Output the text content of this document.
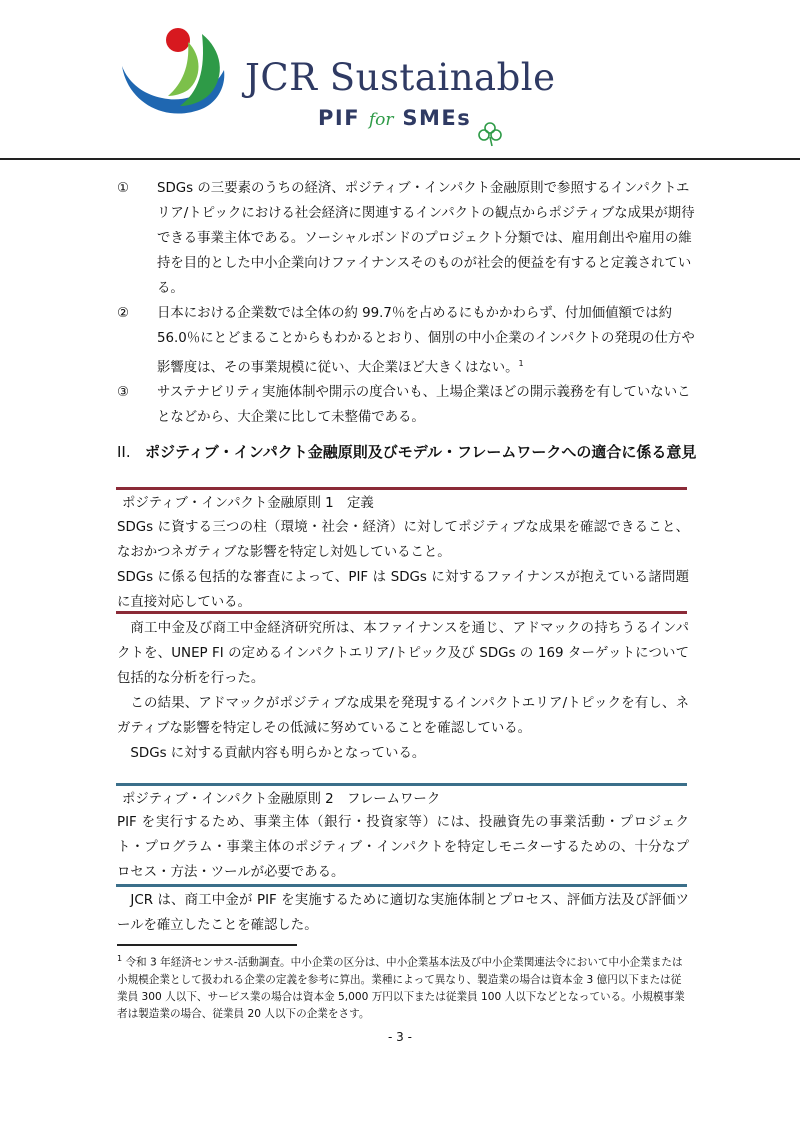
JCR Sustainable
PIF for SMEs
①	SDGs の三要素のうちの経済、ポジティブ・インパクト金融原則で参照するインパクトエリア/トピックにおける社会経済に関連するインパクトの観点からポジティブな成果が期待できる事業主体である。ソーシャルボンドのプロジェクト分類では、雇用創出や雇用の維持を目的とした中小企業向けファイナンスそのものが社会的便益を有すると定義されている。
②	日本における企業数では全体の約 99.7％を占めるにもかかわらず、付加価値額では約 56.0％にとどまることからもわかるとおり、個別の中小企業のインパクトの発現の仕方や影響度は、その事業規模に従い、大企業ほど大きくはない。$^1$
③	サステナビリティ実施体制や開示の度合いも、上場企業ほどの開示義務を有していないことなどから、大企業に比して未整備である。
II. ポジティブ・インパクト金融原則及びモデル・フレームワークへの適合に係る意見
ポジティブ・インパクト金融原則 1　定義

SDGs に資する三つの柱（環境・社会・経済）に対してポジティブな成果を確認できること、なおかつネガティブな影響を特定し対処していること。

SDGs に係る包括的な審査によって、PIF は SDGs に対するファイナンスが抱えている諸問題に直接対応している。

商工中金及び商工中金経済研究所は、本ファイナンスを通じ、アドマックの持ちうるインパクトを、UNEP FI の定めるインパクトエリア/トピック及び SDGs の 169 ターゲットについて包括的な分析を行った。

この結果、アドマックがポジティブな成果を発現するインパクトエリア/トピックを有し、ネガティブな影響を特定しその低減に努めていることを確認している。

SDGs に対する貢献内容も明らかとなっている。

ポジティブ・インパクト金融原則 2　フレームワーク

PIF を実行するため、事業主体（銀行・投資家等）には、投融資先の事業活動・プロジェクト・プログラム・事業主体のポジティブ・インパクトを特定しモニターするための、十分なプロセス・方法・ツールが必要である。

JCR は、商工中金が PIF を実施するために適切な実施体制とプロセス、評価方法及び評価ツールを確立したことを確認した。

$^1$ 令和 3 年経済センサス-活動調査。中小企業の区分は、中小企業基本法及び中小企業関連法令において中小企業または小規模企業として扱われる企業の定義を参考に算出。業種によって異なり、製造業の場合は資本金 3 億円以下または従業員 300 人以下、サービス業の場合は資本金 5,000 万円以下または従業員 100 人以下などとなっている。小規模事業者は製造業の場合、従業員 20 人以下の企業をさす。
- 3 -
